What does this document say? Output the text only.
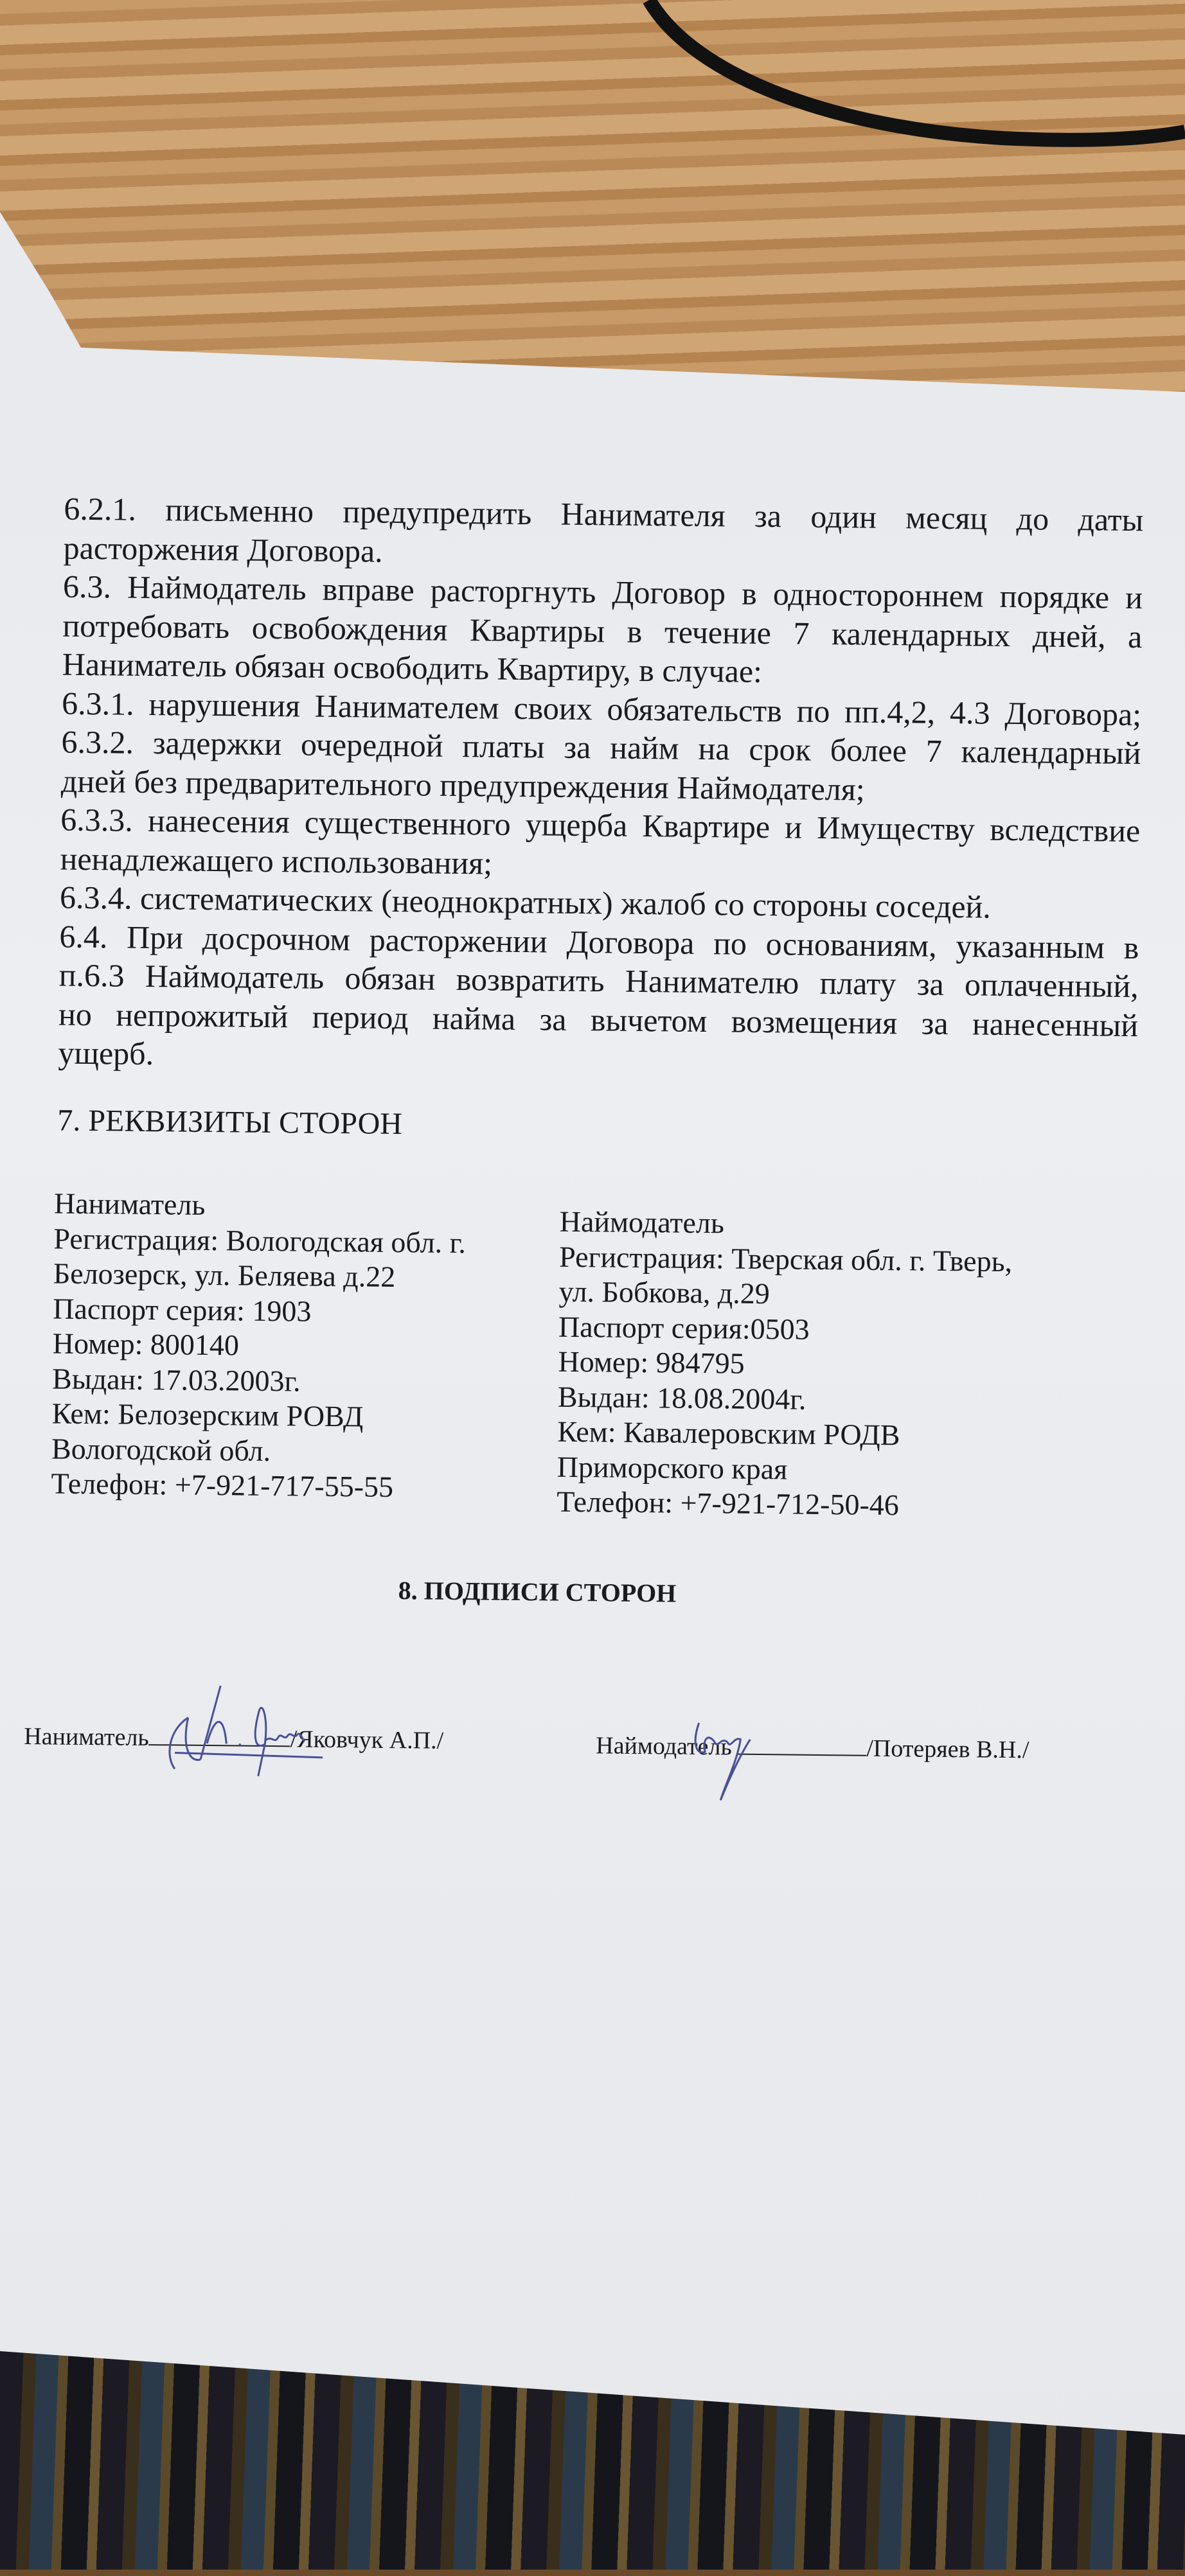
6.2.1. письменно предупредить Нанимателя за один месяц до даты
расторжения Договора.
6.3. Наймодатель вправе расторгнуть Договор в одностороннем порядке и
потребовать освобождения Квартиры в течение 7 календарных дней, а
Наниматель обязан освободить Квартиру, в случае:
6.3.1. нарушения Нанимателем своих обязательств по пп.4,2, 4.3 Договора;
6.3.2. задержки очередной платы за найм на срок более 7 календарный
дней без предварительного предупреждения Наймодателя;
6.3.3. нанесения существенного ущерба Квартире и Имуществу вследствие
ненадлежащего использования;
6.3.4. систематических (неоднократных) жалоб со стороны соседей.
6.4. При досрочном расторжении Договора по основаниям, указанным в
п.6.3 Наймодатель обязан возвратить Нанимателю плату за оплаченный,
но непрожитый период найма за вычетом возмещения за нанесенный
ущерб.
7. РЕКВИЗИТЫ СТОРОН
Наниматель
Регистрация: Вологодская обл. г.
Белозерск, ул. Беляева д.22
Паспорт серия: 1903
Номер: 800140
Выдан: 17.03.2003г.
Кем: Белозерским РОВД
Вологодской обл.
Телефон: +7-921-717-55-55
Наймодатель
Регистрация: Тверская обл. г. Тверь,
ул. Бобкова, д.29
Паспорт серия:0503
Номер: 984795
Выдан: 18.08.2004г.
Кем: Кавалеровским РОДВ
Приморского края
Телефон: +7-921-712-50-46
8. ПОДПИСИ СТОРОН
Наниматель	/Яковчук А.П./	Наймодатель	/Потеряев В.Н./
